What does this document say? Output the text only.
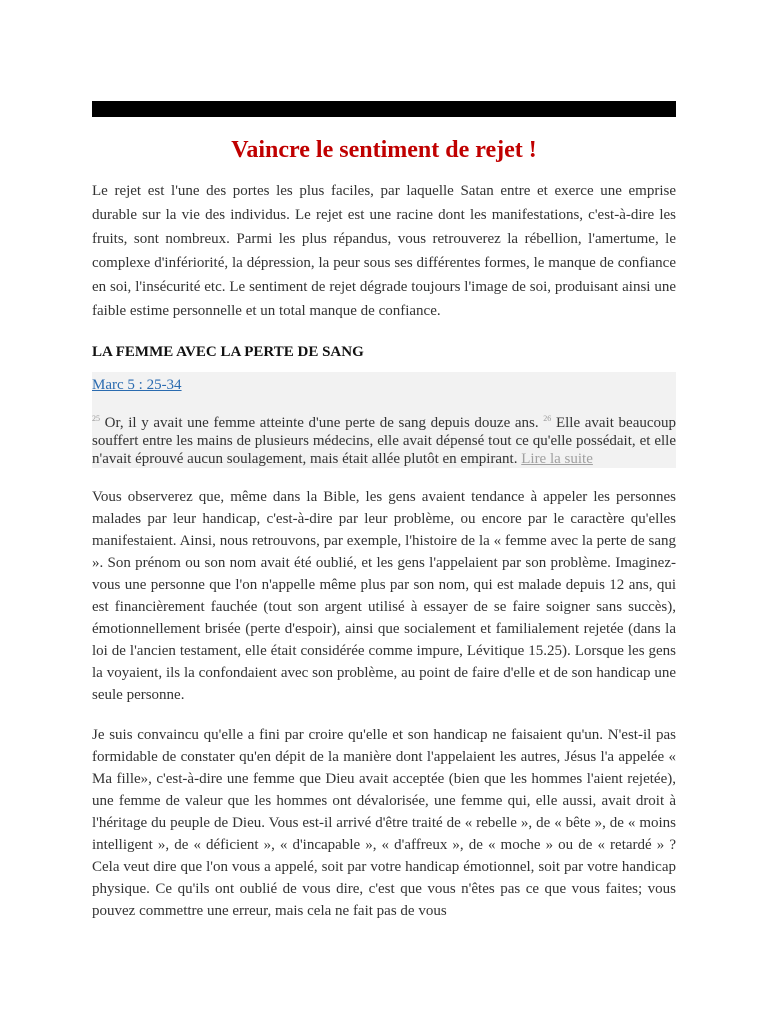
Vaincre le sentiment de rejet !

Le rejet est l'une des portes les plus faciles, par laquelle Satan entre et exerce une emprise durable sur la vie des individus. Le rejet est une racine dont les manifestations, c'est-à-dire les fruits, sont nombreux. Parmi les plus répandus, vous retrouverez la rébellion, l'amertume, le complexe d'infériorité, la dépression, la peur sous ses différentes formes, le manque de confiance en soi, l'insécurité etc. Le sentiment de rejet dégrade toujours l'image de soi, produisant ainsi une faible estime personnelle et un total manque de confiance.

LA FEMME AVEC LA PERTE DE SANG
Marc 5 : 25-34

$^{25}$ Or, il y avait une femme atteinte d'une perte de sang depuis douze ans. $^{26}$ Elle avait beaucoup souffert entre les mains de plusieurs médecins, elle avait dépensé tout ce qu'elle possédait, et elle n'avait éprouvé aucun soulagement, mais était allée plutôt en empirant. Lire la suite

Vous observerez que, même dans la Bible, les gens avaient tendance à appeler les personnes malades par leur handicap, c'est-à-dire par leur problème, ou encore par le caractère qu'elles manifestaient. Ainsi, nous retrouvons, par exemple, l'histoire de la « femme avec la perte de sang ». Son prénom ou son nom avait été oublié, et les gens l'appelaient par son problème. Imaginez-vous une personne que l'on n'appelle même plus par son nom, qui est malade depuis 12 ans, qui est financièrement fauchée (tout son argent utilisé à essayer de se faire soigner sans succès), émotionnellement brisée (perte d'espoir), ainsi que socialement et familialement rejetée (dans la loi de l'ancien testament, elle était considérée comme impure, Lévitique 15.25). Lorsque les gens la voyaient, ils la confondaient avec son problème, au point de faire d'elle et de son handicap une seule personne.

Je suis convaincu qu'elle a fini par croire qu'elle et son handicap ne faisaient qu'un. N'est-il pas formidable de constater qu'en dépit de la manière dont l'appelaient les autres, Jésus l'a appelée « Ma fille», c'est-à-dire une femme que Dieu avait acceptée (bien que les hommes l'aient rejetée), une femme de valeur que les hommes ont dévalorisée, une femme qui, elle aussi, avait droit à l'héritage du peuple de Dieu. Vous est-il arrivé d'être traité de « rebelle », de « bête », de « moins intelligent », de « déficient », « d'incapable », « d'affreux », de « moche » ou de « retardé » ? Cela veut dire que l'on vous a appelé, soit par votre handicap émotionnel, soit par votre handicap physique. Ce qu'ils ont oublié de vous dire, c'est que vous n'êtes pas ce que vous faites; vous pouvez commettre une erreur, mais cela ne fait pas de vous
